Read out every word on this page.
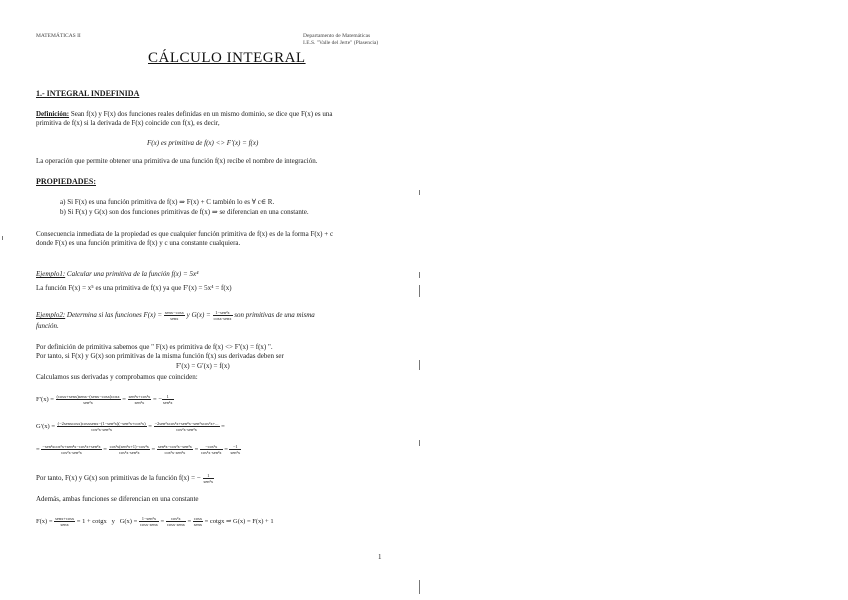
MATEMÁTICAS II	Departamento de Matemáticas
I.E.S. "Valle del Jerte" (Plasencia)
CÁLCULO INTEGRAL
1.- INTEGRAL INDEFINIDA
Definición: Sean f(x) y F(x) dos funciones reales definidas en un mismo dominio, se dice que F(x) es una
primitiva de f(x) si la derivada de F(x) coincide con f(x), es decir,
F(x) es primitiva de f(x) <> F′(x) = f(x)
La operación que permite obtener una primitiva de una función f(x) recibe el nombre de integración.
PROPIEDADES:
a) Si F(x) es una función primitiva de f(x) ⇒ F(x) + C también lo es ∀ c∈ R.
b) Si F(x) y G(x) son dos funciones primitivas de f(x) ⇒ se diferencian en una constante.
Consecuencia inmediata de la propiedad es que cualquier función primitiva de f(x) es de la forma F(x) + c
donde F(x) es una función primitiva de f(x) y c una constante cualquiera.
Ejemplo1: Calcular una primitiva de la función f(x) = 5x⁴
La función F(x) = x⁵ es una primitiva de f(x) ya que F′(x) = 5x⁴ = f(x)
Ejemplo2: Determina si las funciones $F(x) = \frac{\text{senx−cosx}}{\text{senx}}$ y $G(x) = \frac{\text{1−sen²x}}{\text{cosx·senx}}$ son primitivas de una misma
función.
Por definición de primitiva sabemos que " F(x) es primitiva de f(x) <> F′(x) = f(x) ".
Por tanto, si F(x) y G(x) son primitivas de la misma función f(x) sus derivadas deben ser
F′(x) = G′(x) = f(x)
Calculamos sus derivadas y comprobamos que coinciden:
$F'(x) = \frac{\text{(cosx+senx)senx−(senx−cosx)cosx}}{\text{sen²x}} = \frac{\text{sen²x+cos²x}}{\text{sen²x}}$ = − $\frac{1}{\text{sen²x}}$
$G'(x) = \frac{\text{(−2senxcosx)cosxsenx−(1−sen²x)(−sen²x+cos²x)}}{\text{cos²x·sen²x}} = \frac{\text{−2sen²xcos²x+sen⁴x−sen²xcos²x+...}}{\text{cos²x·sen²x}}$ =
= $\frac{\text{−sen²xcos²x+sen⁴x−cos²x+sen²x}}{\text{cos²x·sen²x}} = \frac{\text{cos²x(sen²x+1)−cos⁴x}}{\text{cos²x·sen²x}} = \frac{\text{sen⁴x−cos²x−sen²x}}{\text{cos²x·sen²x}} = \frac{\text{−cos²x}}{\text{cos²x·sen²x}} = \frac{-1}{\text{sen²x}}$
Por tanto, F(x) y G(x) son primitivas de la función f(x) = − $\frac{1}{\text{sen²x}}$
Además, ambas funciones se diferencian en una constante
$F(x) = \frac{\text{senx+cosx}}{\text{senx}} = 1$ + cotgx y $G(x) = \frac{\text{1−sen²x}}{\text{cosx·senx}} = \frac{\text{cos²x}}{\text{cosx·senx}} = \frac{\cos x}{\text{senx}}$ = cotgx ⇒ G(x) = F(x) + 1
1
